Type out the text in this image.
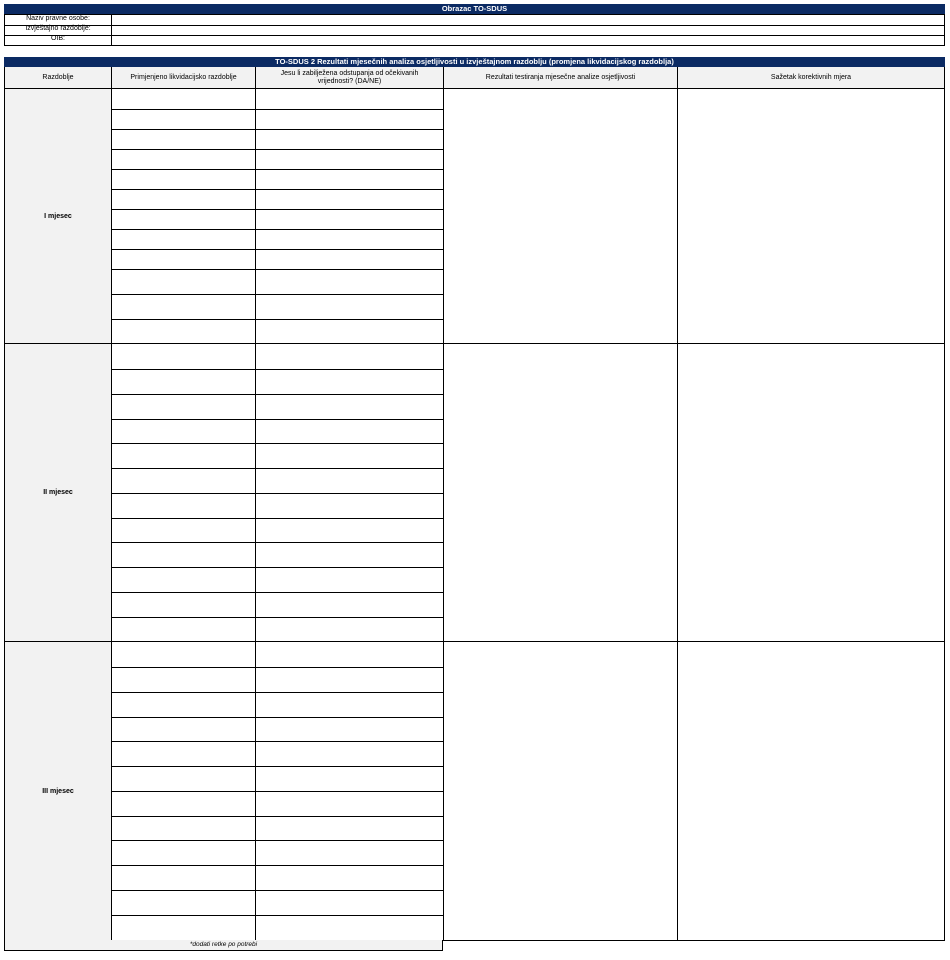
Obrazac TO-SDUS
Naziv pravne osobe:
Izvještajno razdoblje:
OIB:
TO-SDUS 2 Rezultati mjesečnih analiza osjetljivosti u izvještajnom razdoblju (promjena likvidacijskog razdoblja)
Razdoblje	Primjenjeno likvidacijsko razdoblje
Jesu li zabilježena odstupanja od očekivanih vrijednosti? (DA/NE)
Rezultati testiranja mjesečne analize osjetljivosti	Sažetak korektivnih mjera
I mjesec
II mjesec
III mjesec
*dodati retke po potrebi
